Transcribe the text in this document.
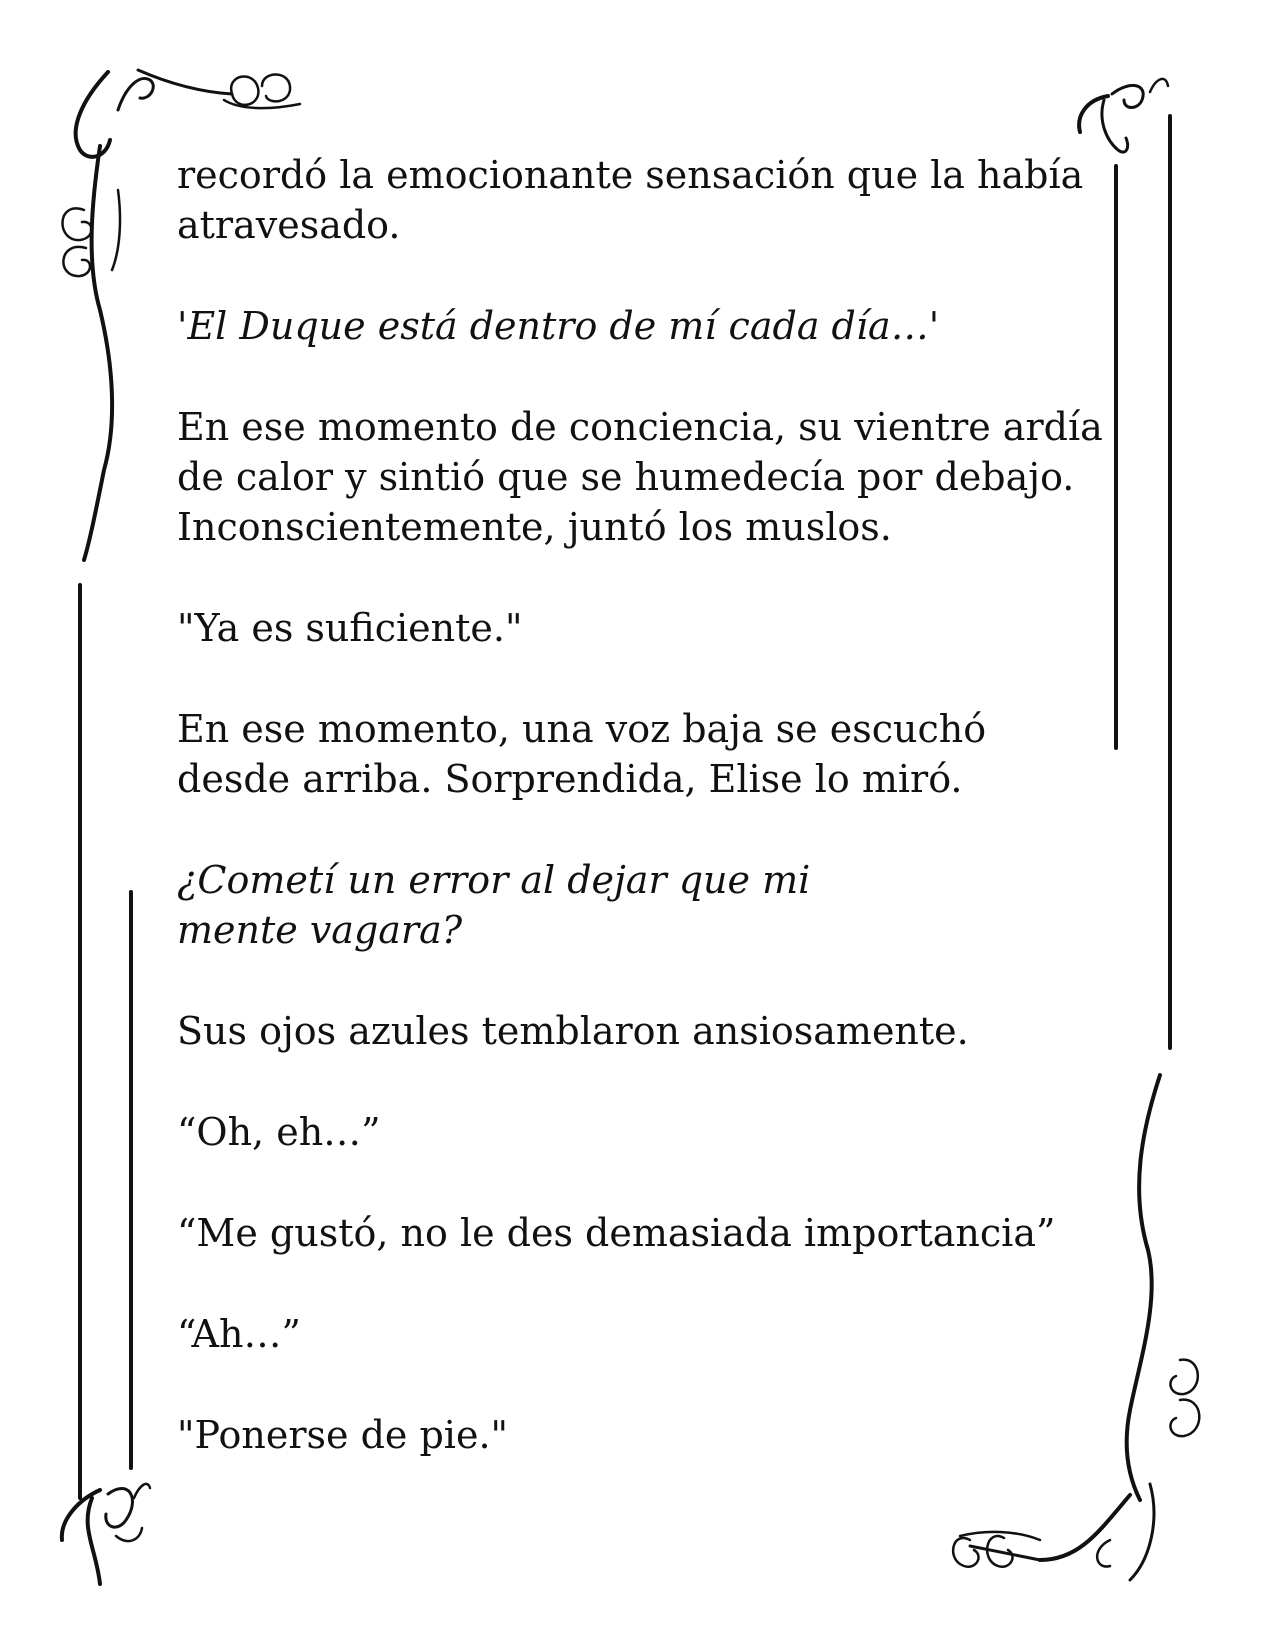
recordó la emocionante sensación que la había atravesado.

'El Duque está dentro de mí cada día…'

En ese momento de conciencia, su vientre ardía de calor y sintió que se humedecía por debajo. Inconscientemente, juntó los muslos.

"Ya es suficiente."

En ese momento, una voz baja se escuchó desde arriba. Sorprendida, Elise lo miró.

¿Cometí un error al dejar que mi mente vagara?

Sus ojos azules temblaron ansiosamente.

“Oh, eh…”

“Me gustó, no le des demasiada importancia”

“Ah…”

"Ponerse de pie."
